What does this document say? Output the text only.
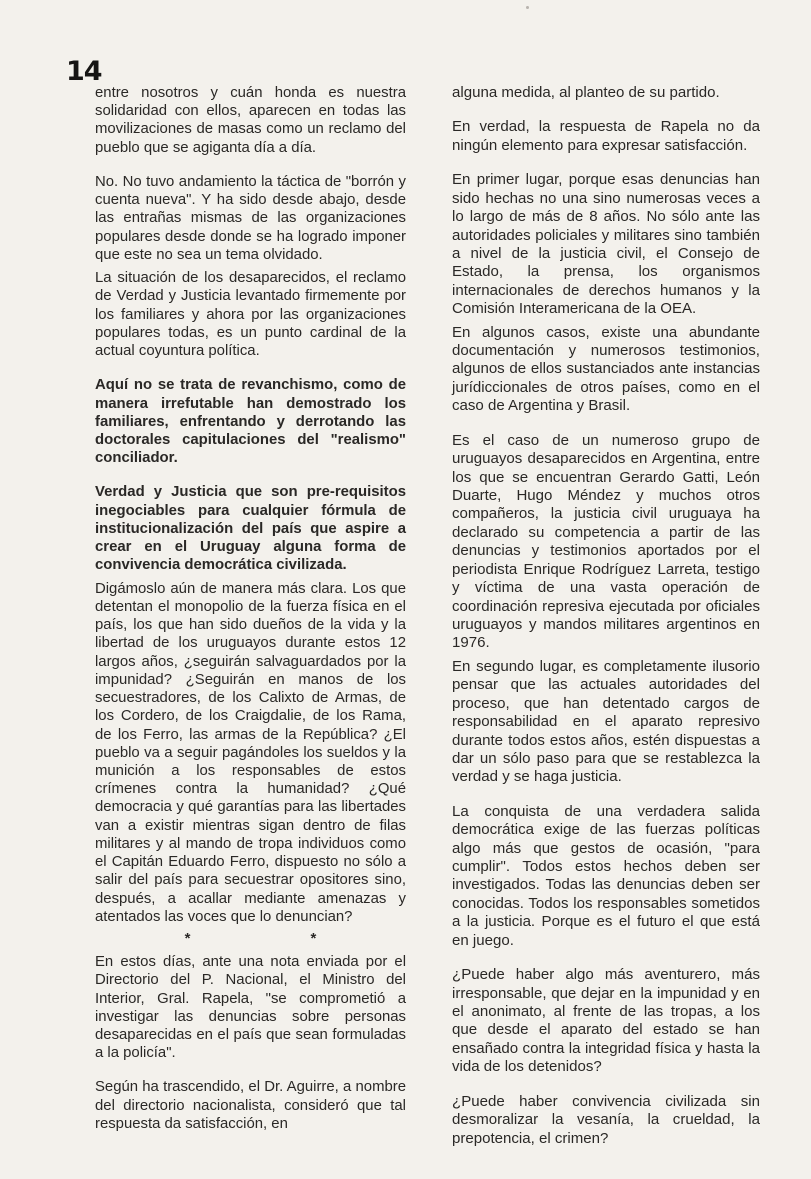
14

entre nosotros y cuán honda es nuestra solidaridad con ellos, aparecen en todas las movilizaciones de masas como un reclamo del pueblo que se agiganta día a día.

No. No tuvo andamiento la táctica de "borrón y cuenta nueva". Y ha sido desde abajo, desde las entrañas mismas de las organizaciones populares desde donde se ha logrado imponer que este no sea un tema olvidado.

La situación de los desaparecidos, el reclamo de Verdad y Justicia levantado firmemente por los familiares y ahora por las organizaciones populares todas, es un punto cardinal de la actual coyuntura política.

Aquí no se trata de revanchismo, como de manera irrefutable han demostrado los familiares, enfrentando y derrotando las doctorales capitulaciones del "realismo" conciliador.

Verdad y Justicia que son pre-requisitos inegociables para cualquier fórmula de institucionalización del país que aspire a crear en el Uruguay alguna forma de convivencia democrática civilizada.

Digámoslo aún de manera más clara. Los que detentan el monopolio de la fuerza física en el país, los que han sido dueños de la vida y la libertad de los uruguayos durante estos 12 largos años, ¿seguirán salvaguardados por la impunidad? ¿Seguirán en manos de los secuestradores, de los Calixto de Armas, de los Cordero, de los Craigdalie, de los Rama, de los Ferro, las armas de la República? ¿El pueblo va a seguir pagándoles los sueldos y la munición a los responsables de estos crímenes contra la humanidad? ¿Qué democracia y qué garantías para las libertades van a existir mientras sigan dentro de filas militares y al mando de tropa individuos como el Capitán Eduardo Ferro, dispuesto no sólo a salir del país para secuestrar opositores sino, después, a acallar mediante amenazas y atentados las voces que lo denuncian?

*	*

En estos días, ante una nota enviada por el Directorio del P. Nacional, el Ministro del Interior, Gral. Rapela, "se comprometió a investigar las denuncias sobre personas desaparecidas en el país que sean formuladas a la policía".

Según ha trascendido, el Dr. Aguirre, a nombre del directorio nacionalista, consideró que tal respuesta da satisfacción, en

alguna medida, al planteo de su partido.

En verdad, la respuesta de Rapela no da ningún elemento para expresar satisfacción.

En primer lugar, porque esas denuncias han sido hechas no una sino numerosas veces a lo largo de más de 8 años. No sólo ante las autoridades policiales y militares sino también a nivel de la justicia civil, el Consejo de Estado, la prensa, los organismos internacionales de derechos humanos y la Comisión Interamericana de la OEA.

En algunos casos, existe una abundante documentación y numerosos testimonios, algunos de ellos sustanciados ante instancias jurídiccionales de otros países, como en el caso de Argentina y Brasil.

Es el caso de un numeroso grupo de uruguayos desaparecidos en Argentina, entre los que se encuentran Gerardo Gatti, León Duarte, Hugo Méndez y muchos otros compañeros, la justicia civil uruguaya ha declarado su competencia a partir de las denuncias y testimonios aportados por el periodista Enrique Rodríguez Larreta, testigo y víctima de una vasta operación de coordinación represiva ejecutada por oficiales uruguayos y mandos militares argentinos en 1976.

En segundo lugar, es completamente ilusorio pensar que las actuales autoridades del proceso, que han detentado cargos de responsabilidad en el aparato represivo durante todos estos años, estén dispuestas a dar un sólo paso para que se restablezca la verdad y se haga justicia.

La conquista de una verdadera salida democrática exige de las fuerzas políticas algo más que gestos de ocasión, "para cumplir". Todos estos hechos deben ser investigados. Todas las denuncias deben ser conocidas. Todos los responsables sometidos a la justicia. Porque es el futuro el que está en juego.

¿Puede haber algo más aventurero, más irresponsable, que dejar en la impunidad y en el anonimato, al frente de las tropas, a los que desde el aparato del estado se han ensañado contra la integridad física y hasta la vida de los detenidos?

¿Puede haber convivencia civilizada sin desmoralizar la vesanía, la crueldad, la prepotencia, el crimen?
